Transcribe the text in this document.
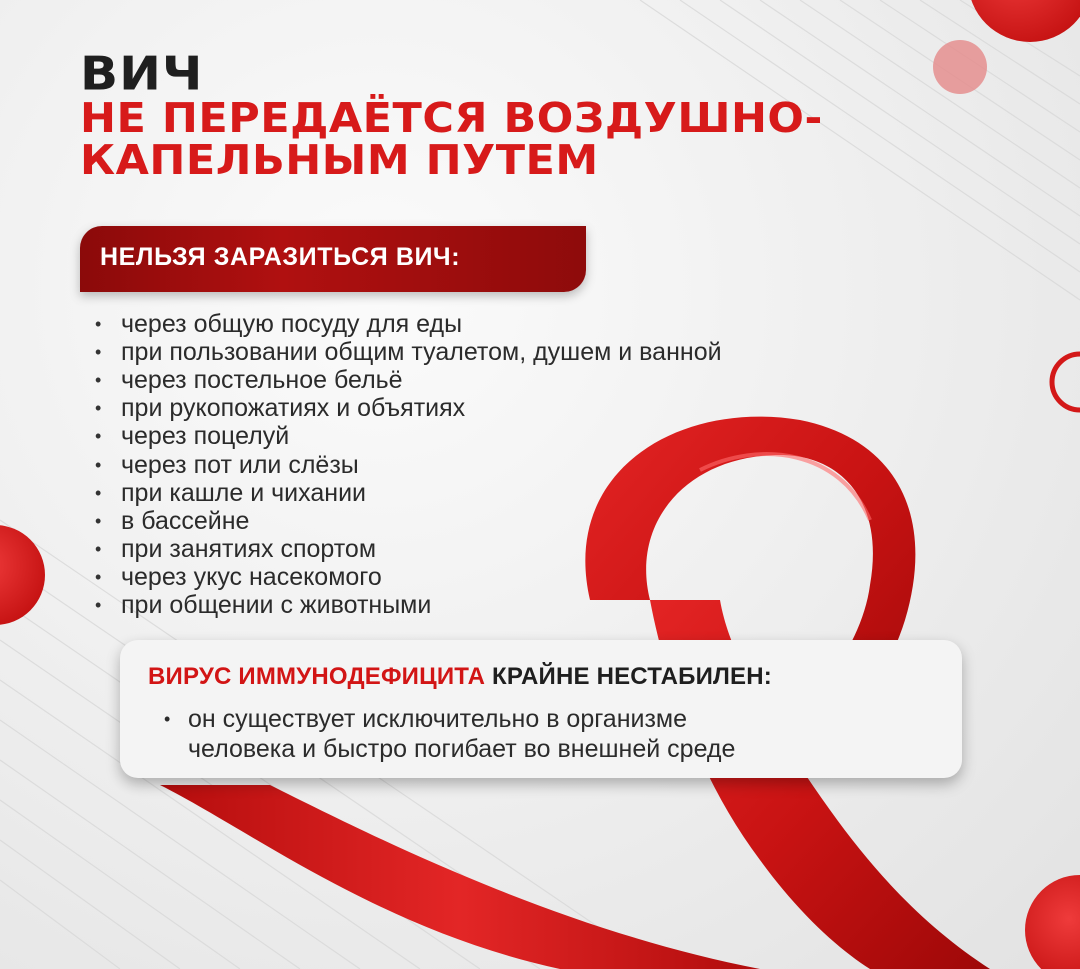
ВИЧ
НЕ ПЕРЕДАЁТСЯ ВОЗДУШНО-
КАПЕЛЬНЫМ ПУТЕМ
НЕЛЬЗЯ ЗАРАЗИТЬСЯ ВИЧ:
• через общую посуду для еды
• при пользовании общим туалетом, душем и ванной
• через постельное бельё
• при рукопожатиях и объятиях
• через поцелуй
• через пот или слёзы
• при кашле и чихании
• в бассейне
• при занятиях спортом
• через укус насекомого
• при общении с животными
ВИРУС ИММУНОДЕФИЦИТА КРАЙНЕ НЕСТАБИЛЕН:
• он существует исключительно в организме
человека и быстро погибает во внешней среде
